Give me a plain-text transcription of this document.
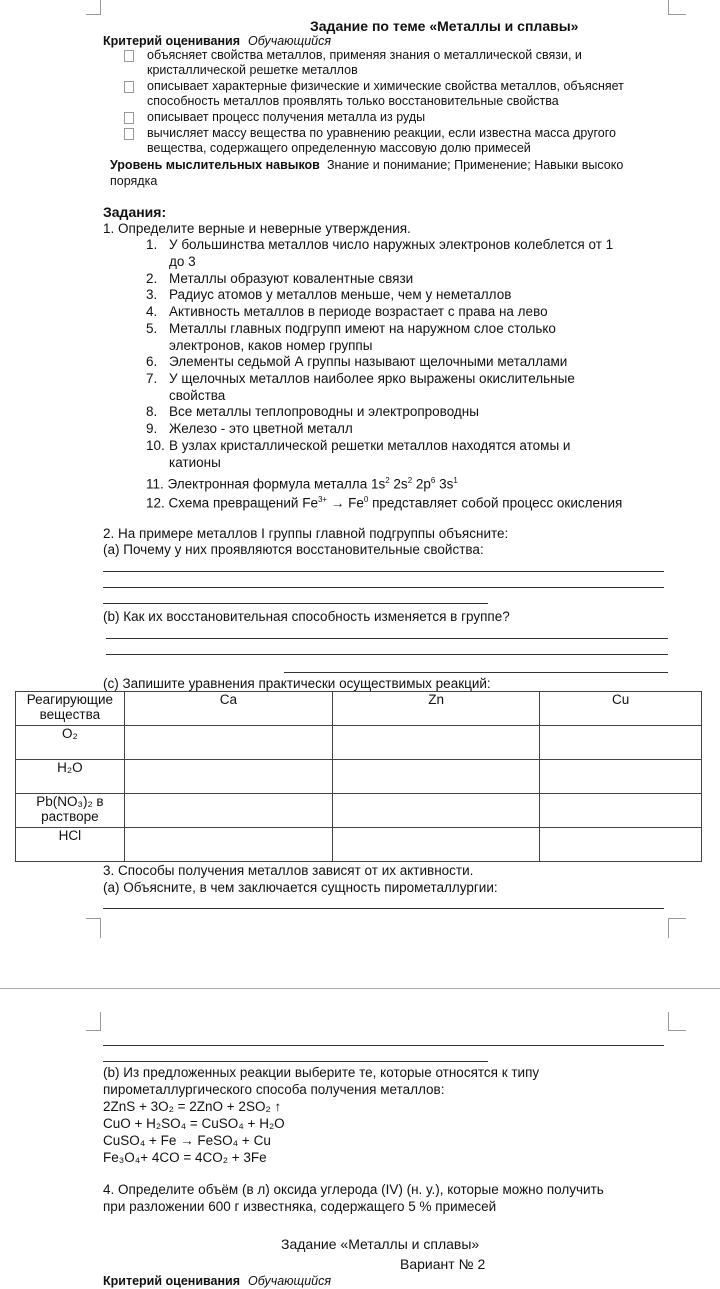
Задание по теме «Металлы и сплавы»
Критерий оценивания Обучающийся
объясняет свойства металлов, применяя знания о металлической связи, и
кристаллической решетке металлов
описывает характерные физические и химические свойства металлов, объясняет
способность металлов проявлять только восстановительные свойства
описывает процесс получения металла из руды
вычисляет массу вещества по уравнению реакции, если известна масса другого
вещества, содержащего определенную массовую долю примесей
Уровень мыслительных навыков Знание и понимание; Применение; Навыки высоко
порядка
Задания:
1. Определите верные и неверные утверждения.
1. У большинства металлов число наружных электронов колеблется от 1
до 3
2. Металлы образуют ковалентные связи
3. Радиус атомов у металлов меньше, чем у неметаллов
4. Активность металлов в периоде возрастает с права на лево
5. Металлы главных подгрупп имеют на наружном слое столько
электронов, каков номер группы
6. Элементы седьмой А группы называют щелочными металлами
7. У щелочных металлов наиболее ярко выражены окислительные
свойства
8. Все металлы теплопроводны и электропроводны
9. Железо - это цветной металл
10. В узлах кристаллической решетки металлов находятся атомы и
катионы
11. Электронная формула металла $1s^2$ $2s^2$ $2p^6$ $3s^1$
12. Схема превращений $Fe^{3+} \to Fe^0$ представляет собой процесс окисления
2. На примере металлов I группы главной подгруппы объясните:
(a) Почему у них проявляются восстановительные свойства:
(b) Как их восстановительная способность изменяется в группе?
(c) Запишите уравнения практически осуществимых реакций:
Реагирующие вещества	Ca	Zn	Cu
O₂			
H₂O			
Pb(NO₃)₂ в растворе			
HCl			
3. Способы получения металлов зависят от их активности.
(a) Объясните, в чем заключается сущность пирометаллургии:
(b) Из предложенных реакции выберите те, которые относятся к типу
пирометаллургического способа получения металлов:
2ZnS + 3O₂ = 2ZnO + 2SO₂ ↑
CuO + H₂SO₄ = CuSO₄ + H₂O
CuSO₄ + Fe → FeSO₄ + Cu
Fe₃O₄+ 4CO = 4CO₂ + 3Fe
4. Определите объём (в л) оксида углерода (IV) (н. у.), которые можно получить
при разложении 600 г известняка, содержащего 5 % примесей
Задание «Металлы и сплавы»
Вариант № 2
Критерий оценивания Обучающийся
